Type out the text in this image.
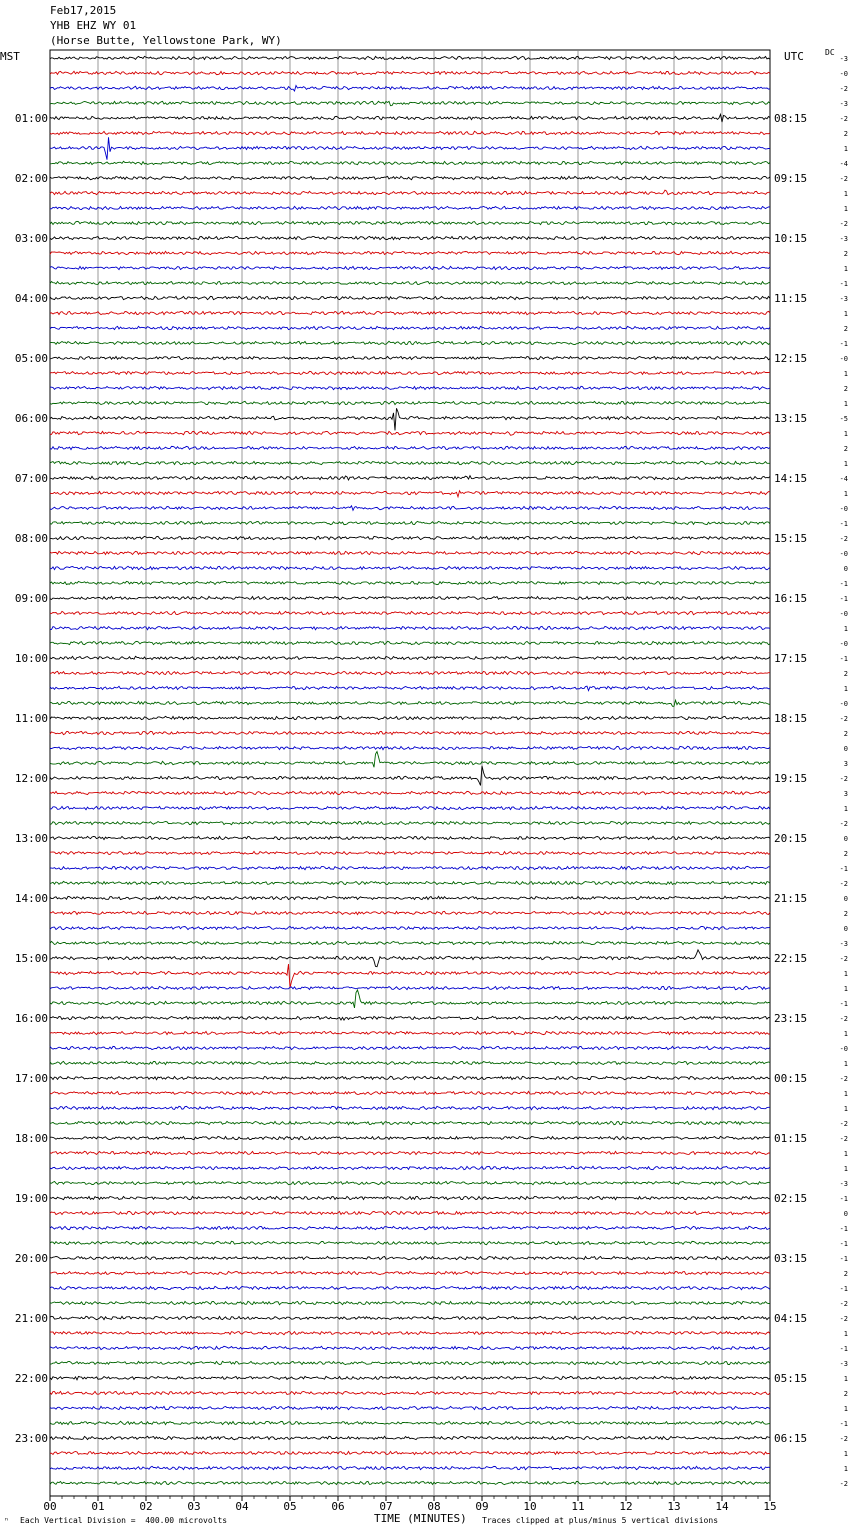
Feb17,2015
YHB EHZ WY 01
(Horse Butte, Yellowstone Park, WY)
MST	UTC	DC
-3
-0
-2
-3
-2
2
1
-4
-2
1
1
-2
-3
2
1
-1
-3
1
2
-1
-0
1
2
1
-5
1
2
1
-4
1
-0
-1
-2
-0
0
-1
-1
-0
1
-0
-1
2
1
-0
-2
2
0
3
-2
3
1
-2
0
2
-1
-2
0
2
0
-3
-2
1
1
-1
-2
1
-0
1
-2
1
1
-2
-2
1
1
-3
-1
0
-1
-1
-1
2
-1
-2
-2
1
-1
-3
1
2
1
-1
-2
1
1
-2
01:00
02:00
03:00
04:00
05:00
06:00
07:00
08:00
09:00
10:00
11:00
12:00
13:00
14:00
15:00
16:00
17:00
18:00
19:00
20:00
21:00
22:00
23:00
08:15
09:15
10:15
11:15
12:15
13:15
14:15
15:15
16:15
17:15
18:15
19:15
20:15
21:15
22:15
23:15
00:15
01:15
02:15
03:15
04:15
05:15
06:15
00	01	02	03	04	05	06	07	08	09	10	11	12	13	14	15
ⁿ Each Vertical Division =  400.00 microvolts	TIME (MINUTES) Traces clipped at plus/minus 5 vertical divisions
